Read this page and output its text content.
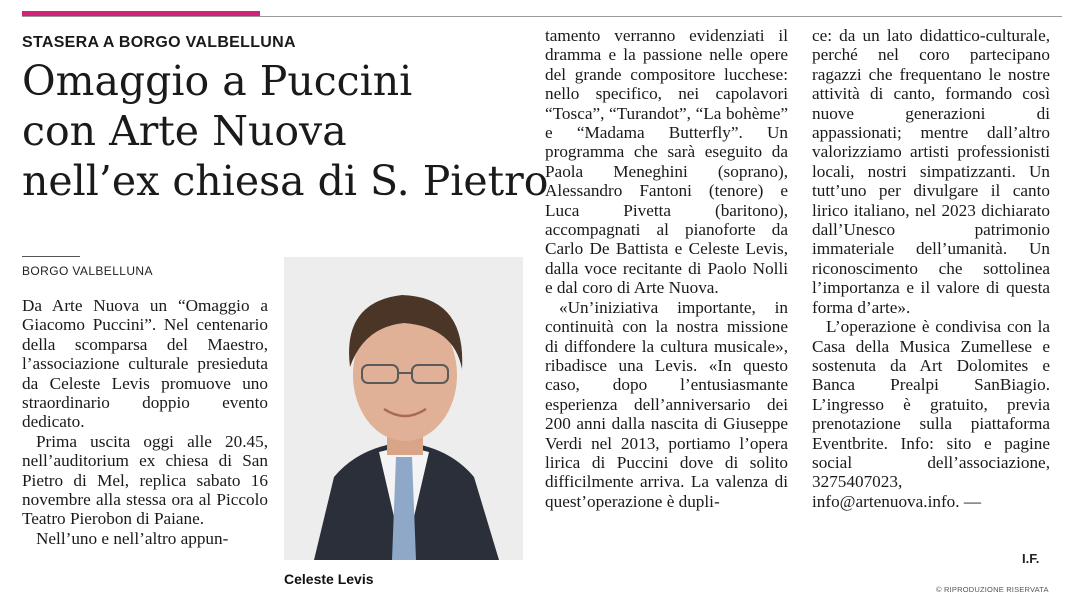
STASERA A BORGO VALBELLUNA
Omaggio a Puccini
con Arte Nuova
nell’ex chiesa di S. Pietro
BORGO VALBELLUNA

Da Arte Nuova un “Omaggio a Giacomo Puccini”. Nel centenario della scomparsa del Maestro, l’associazione culturale presieduta da Celeste Levis promuove uno straordinario doppio evento dedicato.

Prima uscita oggi alle 20.45, nell’auditorium ex chiesa di San Pietro di Mel, replica sabato 16 novembre alla stessa ora al Piccolo Teatro Pierobon di Paiane.

Nell’uno e nell’altro appun-

Celeste Levis

tamento verranno evidenziati il dramma e la passione nelle opere del grande compositore lucchese: nello specifico, nei capolavori “Tosca”, “Turandot”, “La bohème” e “Madama Butterfly”. Un programma che sarà eseguito da Paola Meneghini (soprano), Alessandro Fantoni (tenore) e Luca Pivetta (baritono), accompagnati al pianoforte da Carlo De Battista e Celeste Levis, dalla voce recitante di Paolo Nolli e dal coro di Arte Nuova.

«Un’iniziativa importante, in continuità con la nostra missione di diffondere la cultura musicale», ribadisce una Levis. «In questo caso, dopo l’entusiasmante esperienza dell’anniversario dei 200 anni dalla nascita di Giuseppe Verdi nel 2013, portiamo l’opera lirica di Puccini dove di solito difficilmente arriva. La valenza di quest’operazione è dupli-

ce: da un lato didattico-culturale, perché nel coro partecipano ragazzi che frequentano le nostre attività di canto, formando così nuove generazioni di appassionati; mentre dall’altro valorizziamo artisti professionisti locali, nostri simpatizzanti. Un tutt’uno per divulgare il canto lirico italiano, nel 2023 dichiarato dall’Unesco patrimonio immateriale dell’umanità. Un riconoscimento che sottolinea l’importanza e il valore di questa forma d’arte».

L’operazione è condivisa con la Casa della Musica Zumellese e sostenuta da Art Dolomites e Banca Prealpi SanBiagio. L’ingresso è gratuito, previa prenotazione sulla piattaforma Eventbrite. Info: sito e pagine social dell’associazione, 3275407023, info@artenuova.info. —

I.F.
© RIPRODUZIONE RISERVATA
